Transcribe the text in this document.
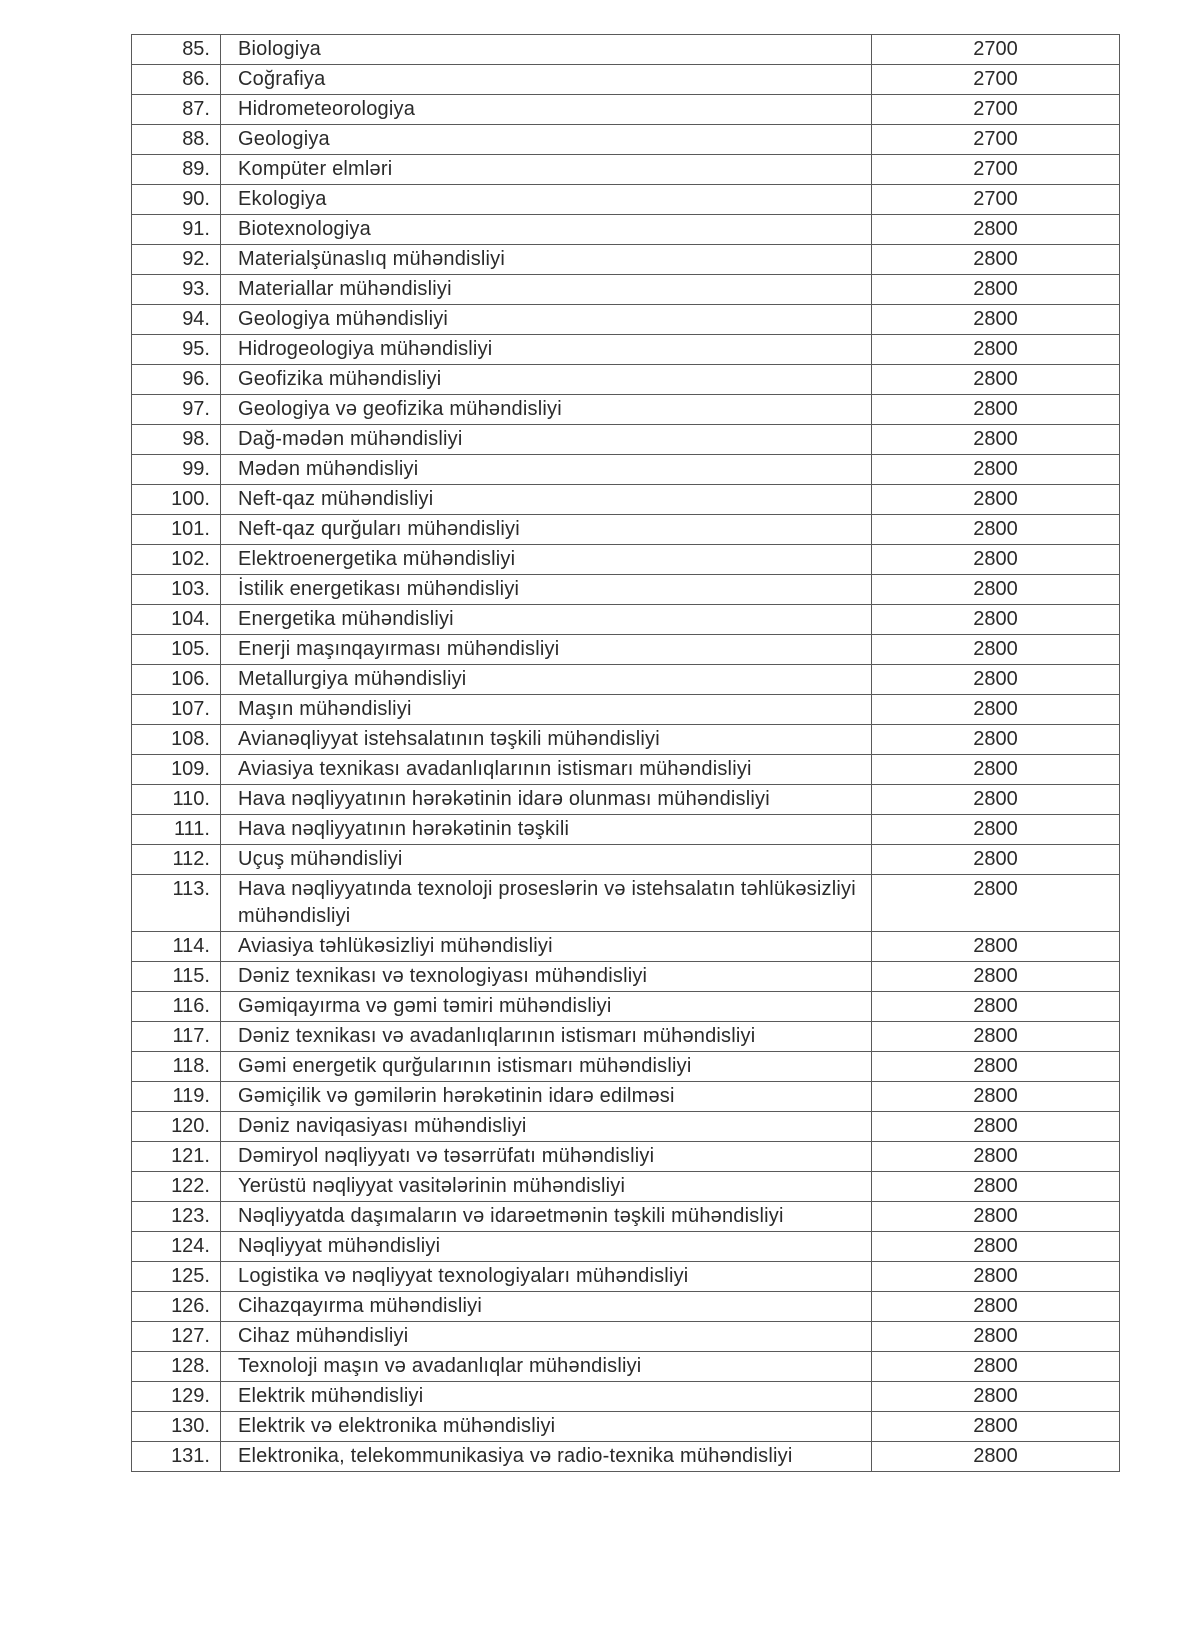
85.	Biologiya	2700
86.	Coğrafiya	2700
87.	Hidrometeorologiya	2700
88.	Geologiya	2700
89.	Kompüter elmləri	2700
90.	Ekologiya	2700
91.	Biotexnologiya	2800
92.	Materialşünaslıq mühəndisliyi	2800
93.	Materiallar mühəndisliyi	2800
94.	Geologiya mühəndisliyi	2800
95.	Hidrogeologiya mühəndisliyi	2800
96.	Geofizika mühəndisliyi	2800
97.	Geologiya və geofizika mühəndisliyi	2800
98.	Dağ-mədən mühəndisliyi	2800
99.	Mədən mühəndisliyi	2800
100.	Neft-qaz mühəndisliyi	2800
101.	Neft-qaz qurğuları mühəndisliyi	2800
102.	Elektroenergetika mühəndisliyi	2800
103.	İstilik energetikası mühəndisliyi	2800
104.	Energetika mühəndisliyi	2800
105.	Enerji maşınqayırması mühəndisliyi	2800
106.	Metallurgiya mühəndisliyi	2800
107.	Maşın mühəndisliyi	2800
108.	Avianəqliyyat istehsalatının təşkili mühəndisliyi	2800
109.	Aviasiya texnikası avadanlıqlarının istismarı mühəndisliyi	2800
110.	Hava nəqliyyatının hərəkətinin idarə olunması mühəndisliyi	2800
111.	Hava nəqliyyatının hərəkətinin təşkili	2800
112.	Uçuş mühəndisliyi	2800
113.	Hava nəqliyyatında texnoloji proseslərin və istehsalatın təhlükəsizliyi mühəndisliyi	2800
114.	Aviasiya təhlükəsizliyi mühəndisliyi	2800
115.	Dəniz texnikası və texnologiyası mühəndisliyi	2800
116.	Gəmiqayırma və gəmi təmiri mühəndisliyi	2800
117.	Dəniz texnikası və avadanlıqlarının istismarı mühəndisliyi	2800
118.	Gəmi energetik qurğularının istismarı mühəndisliyi	2800
119.	Gəmiçilik və gəmilərin hərəkətinin idarə edilməsi	2800
120.	Dəniz naviqasiyası mühəndisliyi	2800
121.	Dəmiryol nəqliyyatı və təsərrüfatı mühəndisliyi	2800
122.	Yerüstü nəqliyyat vasitələrinin mühəndisliyi	2800
123.	Nəqliyyatda daşımaların və idarəetmənin təşkili mühəndisliyi	2800
124.	Nəqliyyat mühəndisliyi	2800
125.	Logistika və nəqliyyat texnologiyaları mühəndisliyi	2800
126.	Cihazqayırma mühəndisliyi	2800
127.	Cihaz mühəndisliyi	2800
128.	Texnoloji maşın və avadanlıqlar mühəndisliyi	2800
129.	Elektrik mühəndisliyi	2800
130.	Elektrik və elektronika mühəndisliyi	2800
131.	Elektronika, telekommunikasiya və radio-texnika mühəndisliyi	2800
